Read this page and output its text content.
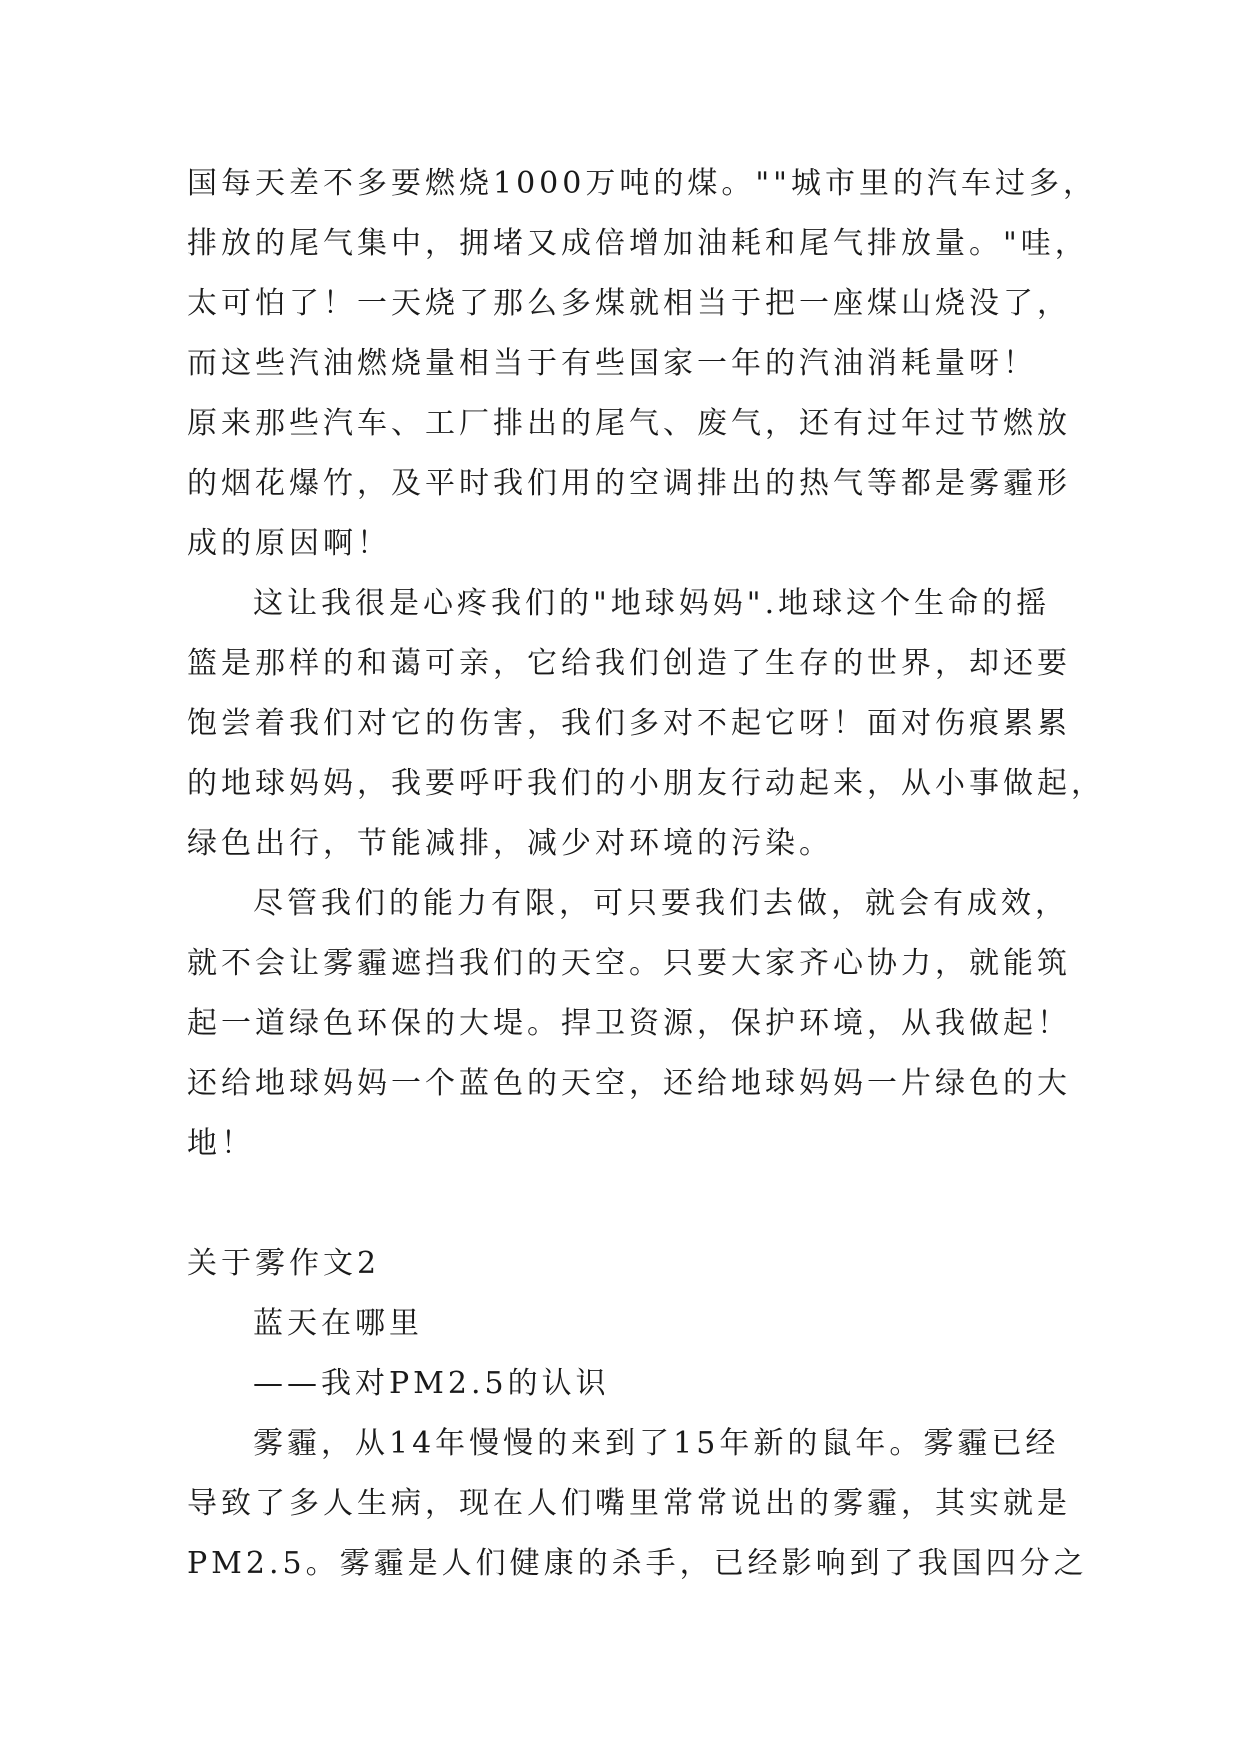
国每天差不多要燃烧1000万吨的煤。""城市里的汽车过多，
排放的尾气集中，拥堵又成倍增加油耗和尾气排放量。"哇，
太可怕了！一天烧了那么多煤就相当于把一座煤山烧没了，
而这些汽油燃烧量相当于有些国家一年的汽油消耗量呀！
原来那些汽车、工厂排出的尾气、废气，还有过年过节燃放
的烟花爆竹，及平时我们用的空调排出的热气等都是雾霾形
成的原因啊！
这让我很是心疼我们的"地球妈妈".地球这个生命的摇
篮是那样的和蔼可亲，它给我们创造了生存的世界，却还要
饱尝着我们对它的伤害，我们多对不起它呀！面对伤痕累累
的地球妈妈，我要呼吁我们的小朋友行动起来，从小事做起，
绿色出行，节能减排，减少对环境的污染。
尽管我们的能力有限，可只要我们去做，就会有成效，
就不会让雾霾遮挡我们的天空。只要大家齐心协力，就能筑
起一道绿色环保的大堤。捍卫资源，保护环境，从我做起！
还给地球妈妈一个蓝色的天空，还给地球妈妈一片绿色的大
地！
关于雾作文2
蓝天在哪里
——我对PM2.5的认识
雾霾，从14年慢慢的来到了15年新的鼠年。雾霾已经
导致了多人生病，现在人们嘴里常常说出的雾霾，其实就是
PM2.5。雾霾是人们健康的杀手，已经影响到了我国四分之
